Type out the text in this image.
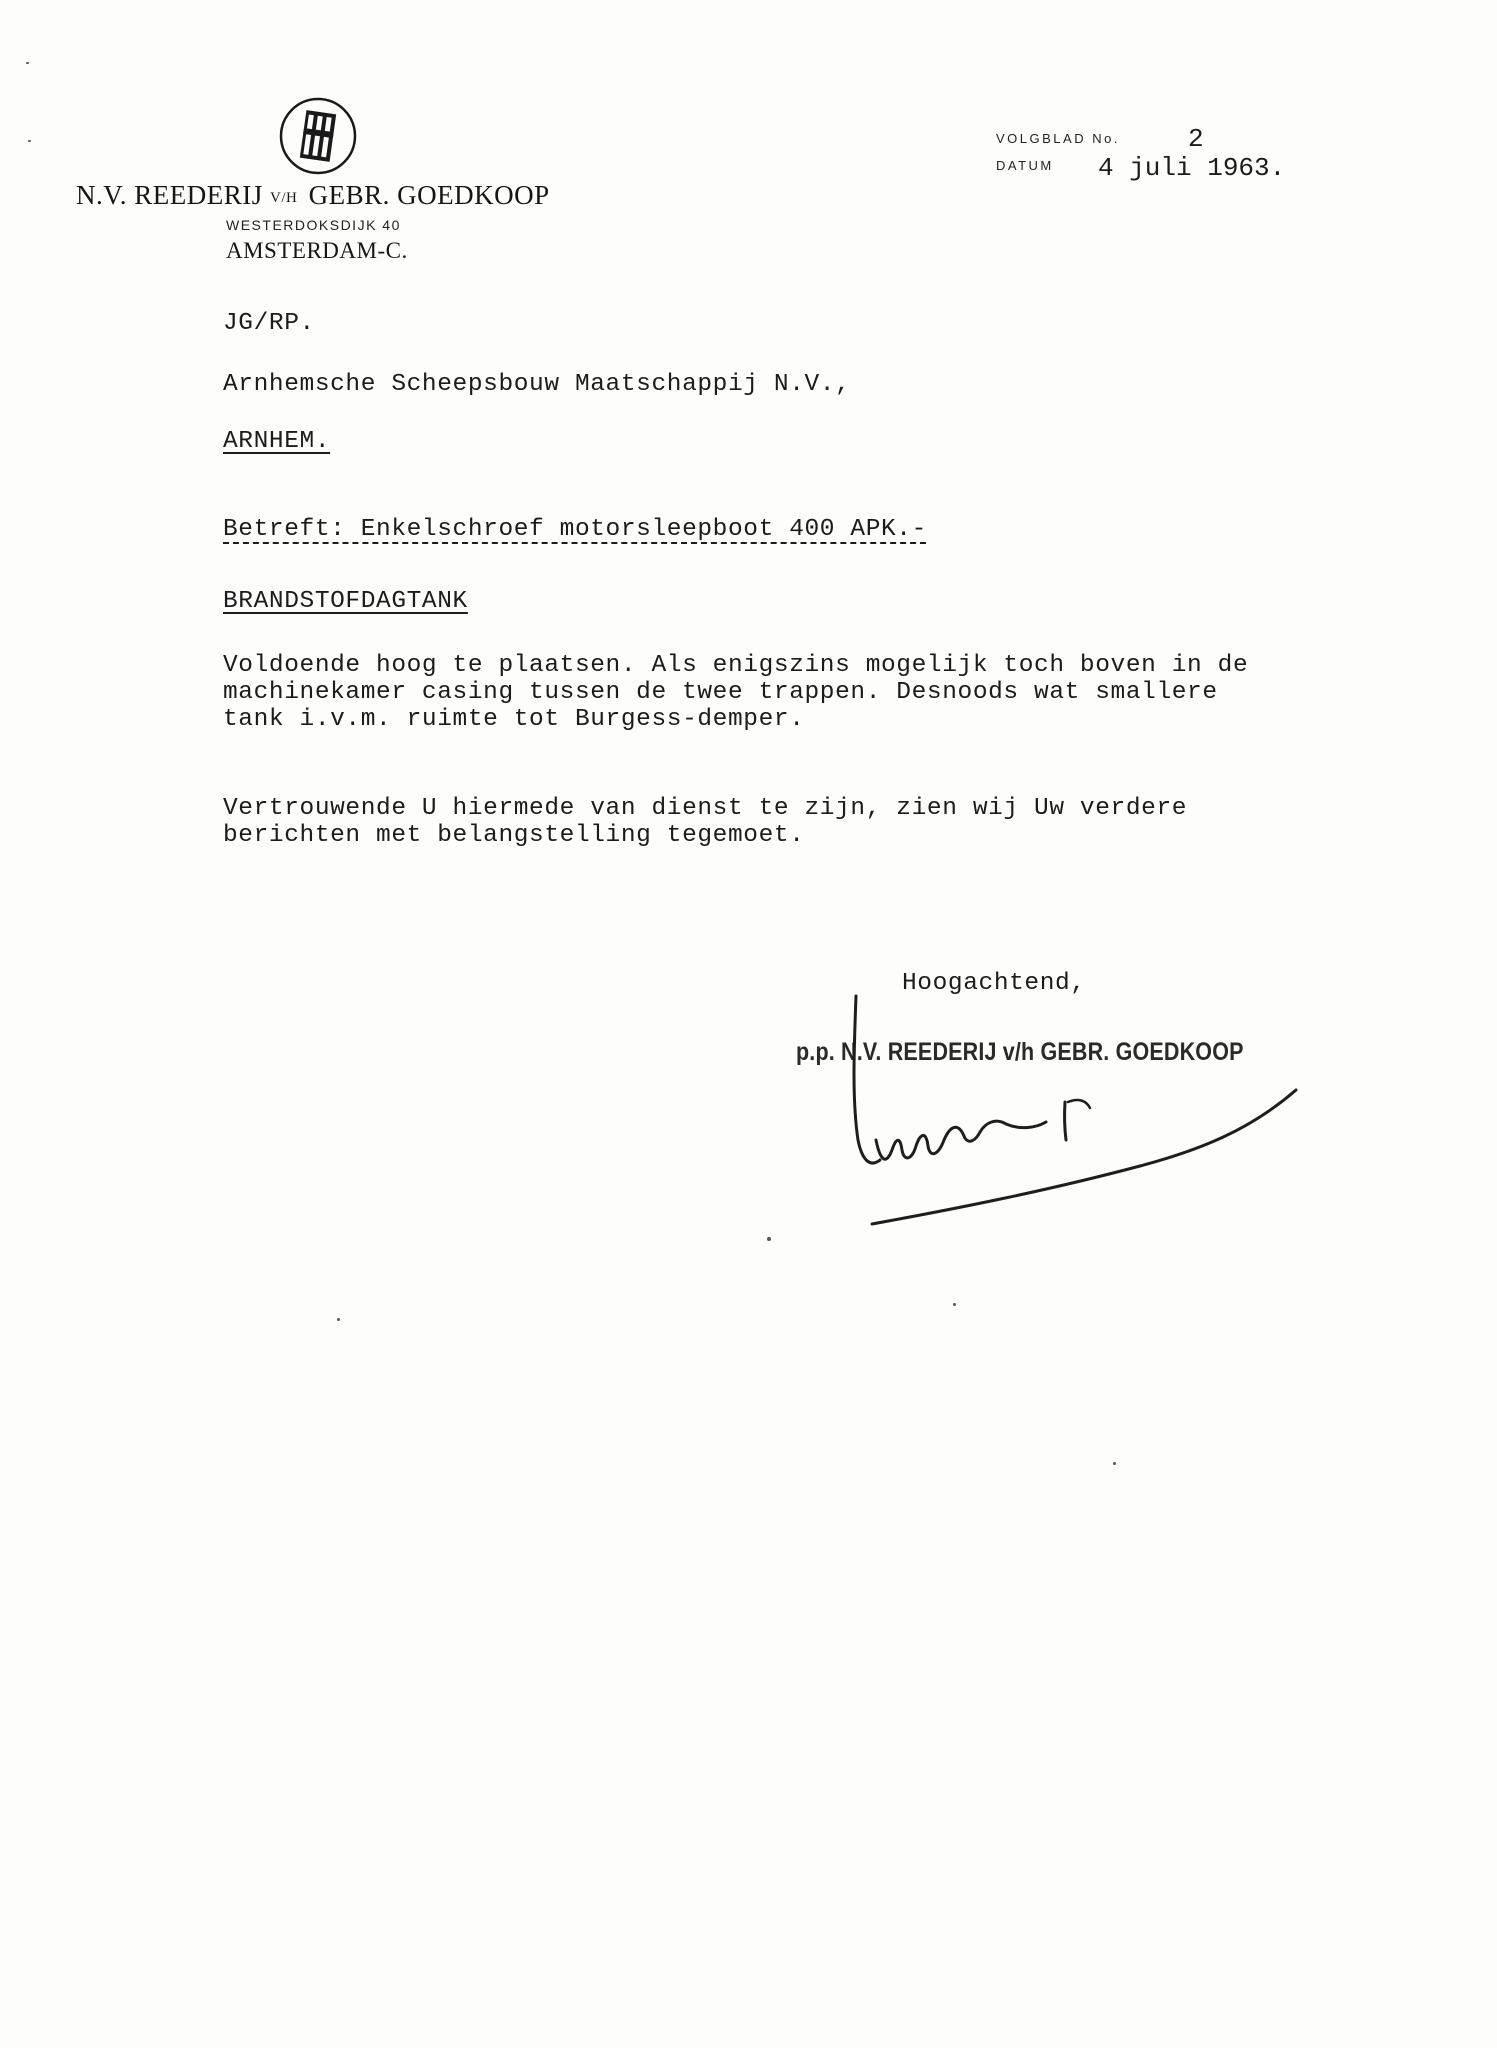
N.V. REEDERIJ V/H GEBR. GOEDKOOP
WESTERDOKSDIJK 40
AMSTERDAM-C.
VOLGBLAD No.	2
DATUM 4 juli 1963.
JG/RP.
Arnhemsche Scheepsbouw Maatschappij N.V.,
ARNHEM.
Betreft: Enkelschroef motorsleepboot 400 APK.-
BRANDSTOFDAGTANK
Voldoende hoog te plaatsen. Als enigszins mogelijk toch boven in de
machinekamer casing tussen de twee trappen. Desnoods wat smallere
tank i.v.m. ruimte tot Burgess-demper.
Vertrouwende U hiermede van dienst te zijn, zien wij Uw verdere
berichten met belangstelling tegemoet.
Hoogachtend,
p.p. N.V. REEDERIJ v/h GEBR. GOEDKOOP
